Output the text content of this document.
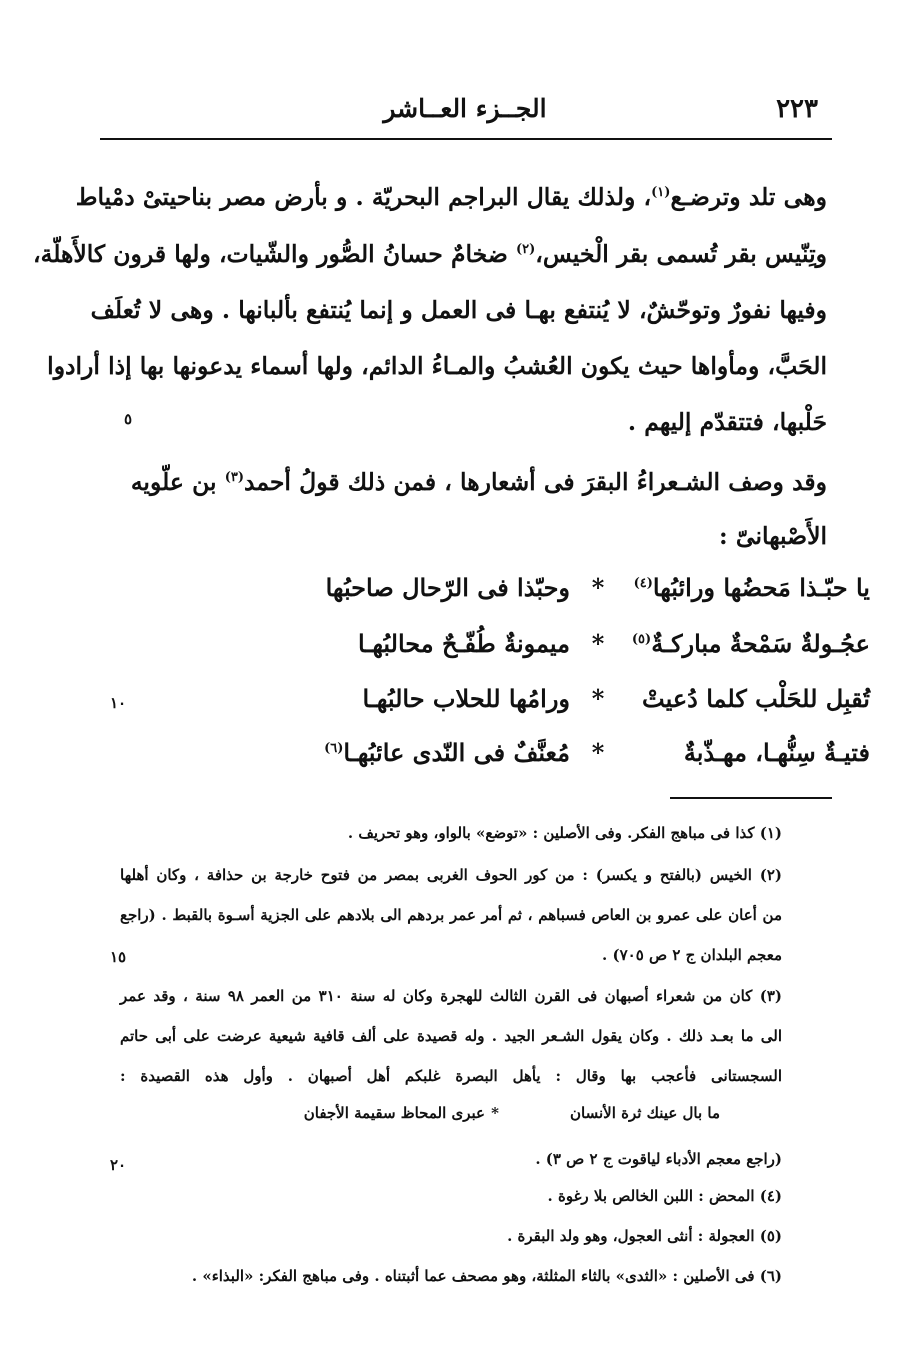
٢٢٣
الجــزء العــاشر
وهى تلد وترضـع$^{(١)}$، ولذلك يقال البراجم البحريّة . و بأرض مصر بناحيتىْ دمْياط
وتِنّيس بقر تُسمى بقر الْخيس،$^{(٢)}$ ضخامٌ حسانُ الصُّور والشّيات، ولها قرون كالأَهلّة،
وفيها نفورٌ وتوحّشٌ، لا يُنتفع بهـا فى العمل و إنما يُنتفع بألبانها . وهى لا تُعلَف
الحَبَّ، ومأواها حيث يكون العُشبُ والمـاءُ الدائم، ولها أسماء يدعونها بها إذا أرادوا
حَلْبها، فتتقدّم إليهم .
وقد وصف الشـعراءُ البقرَ فى أشعارها ، فمن ذلك قولُ أحمد$^{(٣)}$ بن علّويه
الأَصْبهانىّ :
يا حبّـذا مَحضُها ورائبُها$^{(٤)}$
*
وحبّذا فى الرّحال صاحبُها
عجُـولةٌ سَمْحةٌ مباركـةٌ$^{(٥)}$
*
ميمونةٌ طُفّـحٌ محالبُهـا
تُقبِل للحَلْب كلما دُعيتْ
*
ورامُها للحلاب حالبُهـا
فتيـةٌ سِنُّهـا، مهـذّبةٌ
*
مُعنَّفٌ فى النّدى عائبُهـا$^{(٦)}$
٥
١٠
١٥
٢٠
(١) كذا فى مباهج الفكر. وفى الأصلين : «توضع» بالواو، وهو تحريف .
(٢) الخيس (بالفتح و يكسر) : من كور الحوف الغربى بمصر من فتوح خارجة بن حذافة ، وكان أهلها
من أعان على عمرو بن العاص فسباهم ، ثم أمر عمر بردهم الى بلادهم على الجزية أسـوة بالقبط . (راجع
معجم البلدان ج ٢ ص ٧٠٥) .
(٣) كان من شعراء أصبهان فى القرن الثالث للهجرة وكان له سنة ٣١٠ من العمر ٩٨ سنة ، وقد عمر
الى ما بعـد ذلك . وكان يقول الشـعر الجيد . وله قصيدة على ألف قافية شيعية عرضت على أبى حاتم
السجستانى فأعجب بها وقال : يأهل البصرة غلبكم أهل أصبهان . وأول هذه القصيدة :
ما بال عينك ثرة الأنسان
*
عبرى المحاظ سقيمة الأجفان
(راجع معجم الأدباء لياقوت ج ٢ ص ٣) .
(٤) المحض : اللبن الخالص بلا رغوة .
(٥) العجولة : أنثى العجول، وهو ولد البقرة .
(٦) فى الأصلين : «الثدى» بالثاء المثلثة، وهو مصحف عما أثبتناه . وفى مباهج الفكر: «البذاء» .
